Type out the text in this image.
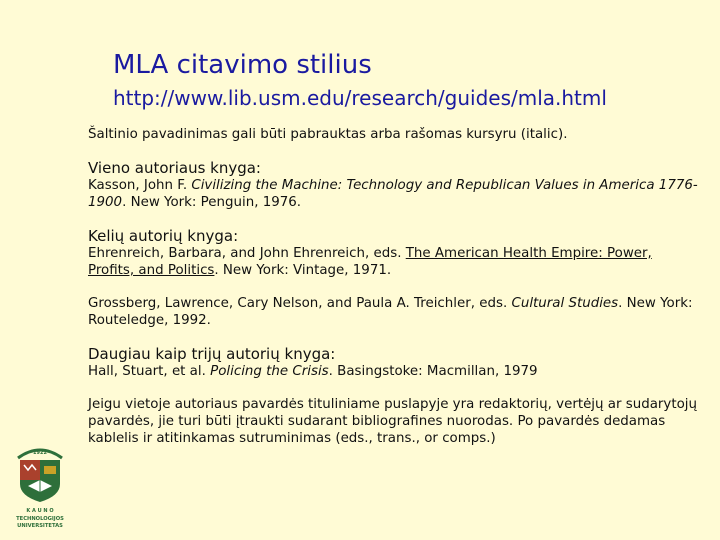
MLA citavimo stilius
http://www.lib.usm.edu/research/guides/mla.html

Šaltinio pavadinimas gali būti pabrauktas arba rašomas kursyru (italic).

Vieno autoriaus knyga:

Kasson, John F. Civilizing the Machine: Technology and Republican Values in America 1776-1900. New York: Penguin, 1976.

Kelių autorių knyga:

Ehrenreich, Barbara, and John Ehrenreich, eds. The American Health Empire: Power, Profits, and Politics. New York: Vintage, 1971.

Grossberg, Lawrence, Cary Nelson, and Paula A. Treichler, eds. Cultural Studies. New York: Routeledge, 1992.

Daugiau kaip trijų autorių knyga:

Hall, Stuart, et al. Policing the Crisis. Basingstoke: Macmillan, 1979

Jeigu vietoje autoriaus pavardės tituliniame puslapyje yra redaktorių, vertėjų ar sudarytojų pavardės, jie turi būti įtraukti sudarant bibliografines nuorodas. Po pavardės dedamas kablelis ir atitinkamas sutruminimas (eds., trans., or comps.)

1922
K A U N O
TECHNOLOGIJOS
UNIVERSITETAS
